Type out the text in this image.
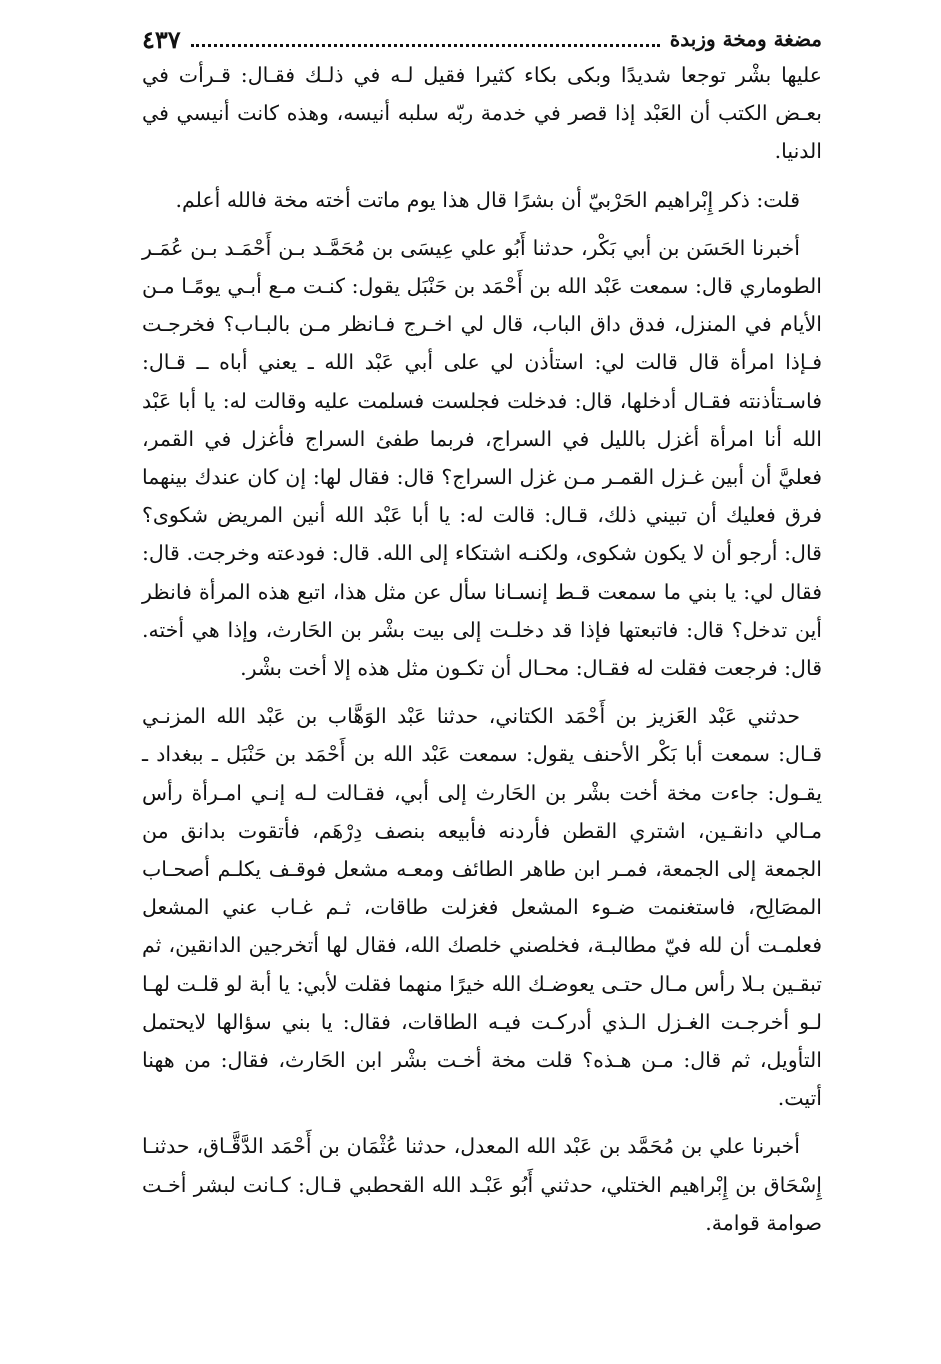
مضغة ومخة وزبدة
٤٣٧

عليها بشْر توجعا شديدًا وبكى بكاء كثيرا فقيل لـه في ذلـك فقـال: قـرأت في بعـض الكتب أن العَبْد إذا قصر في خدمة ربّه سلبه أنيسه، وهذه كانت أنيسي في الدنيا.

قلت: ذكر إِبْراهيم الحَرْبيّ أن بشرًا قال هذا يوم ماتت أخته مخة فالله أعلم.

أخبرنا الحَسَن بن أبي بَكْر، حدثنا أَبُو علي عِيسَى بن مُحَمَّـد بـن أَحْمَـد بـن عُمَـر الطوماري قال: سمعت عَبْد الله بن أَحْمَد بن حَنْبَل يقول: كنـت مـع أبـي يومًـا مـن الأيام في المنزل، فدق داق الباب، قال لي اخـرج فـانظر مـن بالبـاب؟ فخرجـت فـإذا امرأة قال قالت لي: استأذن لي على أبي عَبْد الله ـ يعني أباه ــ قـال: فاسـتأذنته فقـال أدخلها، قال: فدخلت فجلست فسلمت عليه وقالت له: يا أبا عَبْد الله أنا امرأة أغزل بالليل في السراج، فربما طفئ السراج فأغزل في القمر، فعليَّ أن أبين غـزل القمـر مـن غزل السراج؟ قال: فقال لها: إن كان عندك بينهما فرق فعليك أن تبيني ذلك، قـال: قالت له: يا أبا عَبْد الله أنين المريض شكوى؟ قال: أرجو أن لا يكون شكوى، ولكنـه اشتكاء إلى الله. قال: فودعته وخرجت. قال: فقال لي: يا بني ما سمعت قـط إنسـانا سأل عن مثل هذا، اتبع هذه المرأة فانظر أين تدخل؟ قال: فاتبعتها فإذا قد دخلـت إلى بيت بشْر بن الحَارث، وإذا هي أخته. قال: فرجعت فقلت له فقـال: محـال أن تكـون مثل هذه إلا أخت بشْر.

حدثني عَبْد العَزيز بن أَحْمَد الكتاني، حدثنا عَبْد الوَهَّاب بن عَبْد الله المزنـي قـال: سمعت أبا بَكْر الأحنف يقول: سمعت عَبْد الله بن أَحْمَد بن حَنْبَل ـ ببغداد ـ يقـول: جاءت مخة أخت بشْر بن الحَارث إلى أبي، فقـالت لـه إنـي امـرأة رأس مـالي دانقـين، اشتري القطن فأردنه فأبيعه بنصف دِرْهَم، فأتقوت بدانق من الجمعة إلى الجمعة، فمـر ابن طاهر الطائف ومعـه مشعل فوقـف يكلـم أصحـاب المصَالِح، فاستغنمت ضـوء المشعل فغزلت طاقات، ثـم غـاب عني المشعل فعلمـت أن لله فيّ مطالبـة، فخلصني خلصك الله، فقال لها أتخرجين الدانقين، ثم تبقـين بـلا رأس مـال حتـى يعوضـك الله خيرًا منهما فقلت لأبي: يا أبة لو قلـت لهـا لـو أخرجـت الغـزل الـذي أدركـت فيـه الطاقات، فقال: يا بني سؤالها لايحتمل التأويل، ثم قال: مـن هـذه؟ قلت مخة أخـت بشْر ابن الحَارث، فقال: من ههنا أتيت.

أخبرنا علي بن مُحَمَّد بن عَبْد الله المعدل، حدثنا عُثْمَان بن أَحْمَد الدَّقَّـاق، حدثنـا إِسْحَاق بن إِبْراهيم الختلي، حدثني أَبُو عَبْـد الله القحطبي قـال: كـانت لبشر أخـت صوامة قوامة.
